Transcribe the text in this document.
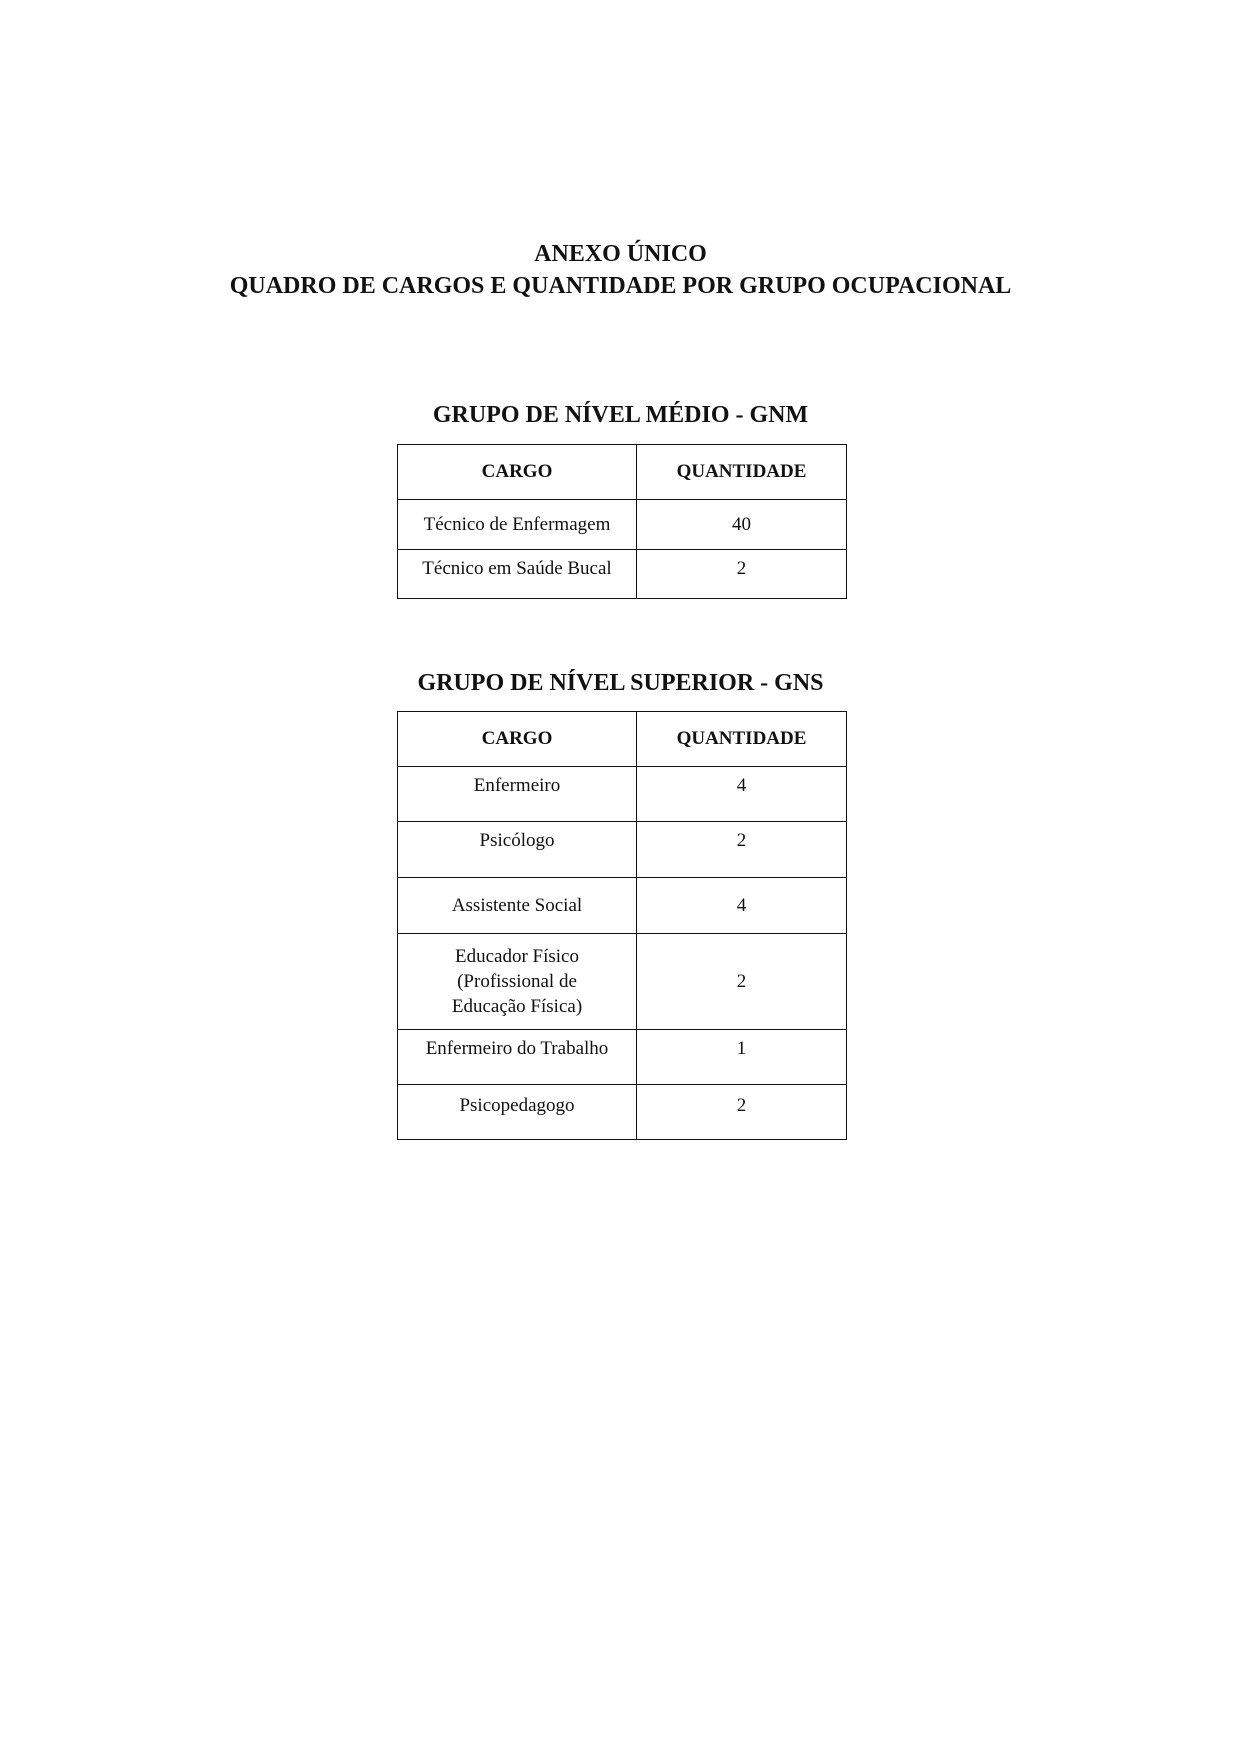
ANEXO ÚNICO
QUADRO DE CARGOS E QUANTIDADE POR GRUPO OCUPACIONAL
GRUPO DE NÍVEL MÉDIO - GNM
CARGO	QUANTIDADE
Técnico de Enfermagem	40
Técnico em Saúde Bucal	2
GRUPO DE NÍVEL SUPERIOR - GNS
CARGO	QUANTIDADE
Enfermeiro	4
Psicólogo	2
Assistente Social	4

Educador Físico
(Profissional de
Educação Física)	2
Enfermeiro do Trabalho	1
Psicopedagogo	2
